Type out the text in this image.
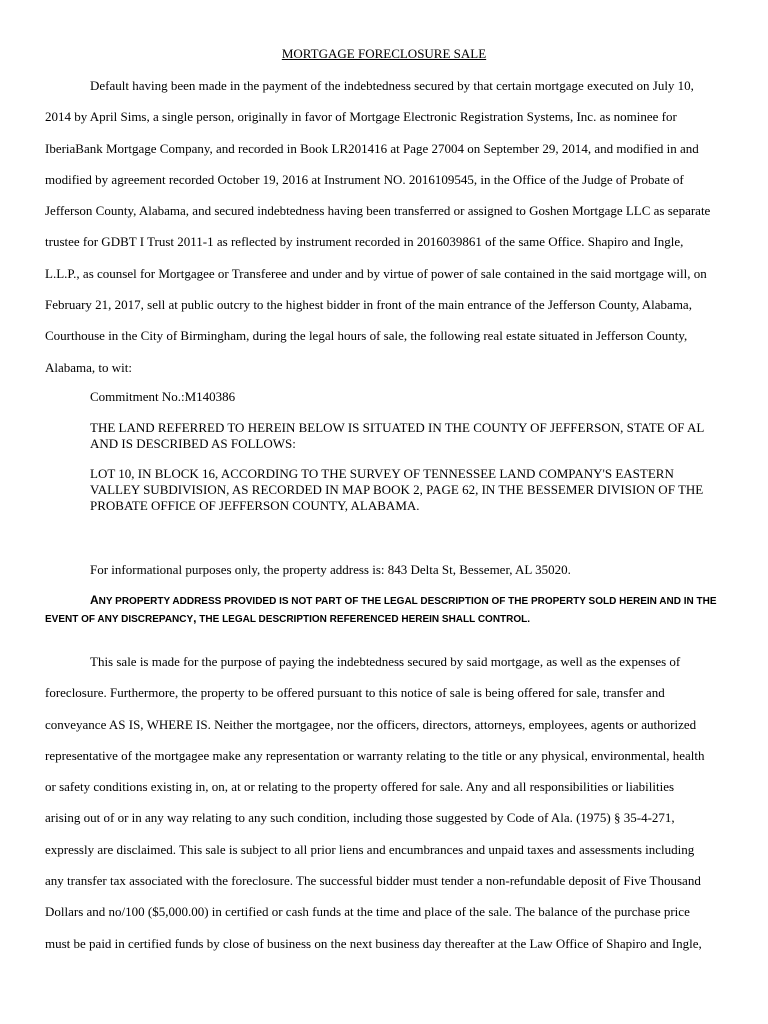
MORTGAGE FORECLOSURE SALE
Default having been made in the payment of the indebtedness secured by that certain mortgage executed on July 10,
2014 by April Sims, a single person, originally in favor of Mortgage Electronic Registration Systems, Inc. as nominee for
IberiaBank Mortgage Company, and recorded in Book LR201416 at Page 27004 on September 29, 2014, and modified in and
modified by agreement recorded October 19, 2016 at Instrument NO. 2016109545, in the Office of the Judge of Probate of
Jefferson County, Alabama, and secured indebtedness having been transferred or assigned to Goshen Mortgage LLC as separate
trustee for GDBT I Trust 2011-1 as reflected by instrument recorded in 2016039861 of the same Office. Shapiro and Ingle,
L.L.P., as counsel for Mortgagee or Transferee and under and by virtue of power of sale contained in the said mortgage will, on
February 21, 2017, sell at public outcry to the highest bidder in front of the main entrance of the Jefferson County, Alabama,
Courthouse in the City of Birmingham, during the legal hours of sale, the following real estate situated in Jefferson County,
Alabama, to wit:
Commitment No.:M140386
THE LAND REFERRED TO HEREIN BELOW IS SITUATED IN THE COUNTY OF JEFFERSON, STATE OF AL
AND IS DESCRIBED AS FOLLOWS:
LOT 10, IN BLOCK 16, ACCORDING TO THE SURVEY OF TENNESSEE LAND COMPANY'S EASTERN
VALLEY SUBDIVISION, AS RECORDED IN MAP BOOK 2, PAGE 62, IN THE BESSEMER DIVISION OF THE
PROBATE OFFICE OF JEFFERSON COUNTY, ALABAMA.
For informational purposes only, the property address is: 843 Delta St, Bessemer, AL 35020.
ANY PROPERTY ADDRESS PROVIDED IS NOT PART OF THE LEGAL DESCRIPTION OF THE PROPERTY SOLD HEREIN AND IN THE
EVENT OF ANY DISCREPANCY, THE LEGAL DESCRIPTION REFERENCED HEREIN SHALL CONTROL.
This sale is made for the purpose of paying the indebtedness secured by said mortgage, as well as the expenses of
foreclosure. Furthermore, the property to be offered pursuant to this notice of sale is being offered for sale, transfer and
conveyance AS IS, WHERE IS. Neither the mortgagee, nor the officers, directors, attorneys, employees, agents or authorized
representative of the mortgagee make any representation or warranty relating to the title or any physical, environmental, health
or safety conditions existing in, on, at or relating to the property offered for sale. Any and all responsibilities or liabilities
arising out of or in any way relating to any such condition, including those suggested by Code of Ala. (1975) § 35-4-271,
expressly are disclaimed. This sale is subject to all prior liens and encumbrances and unpaid taxes and assessments including
any transfer tax associated with the foreclosure. The successful bidder must tender a non-refundable deposit of Five Thousand
Dollars and no/100 ($5,000.00) in certified or cash funds at the time and place of the sale. The balance of the purchase price
must be paid in certified funds by close of business on the next business day thereafter at the Law Office of Shapiro and Ingle,
